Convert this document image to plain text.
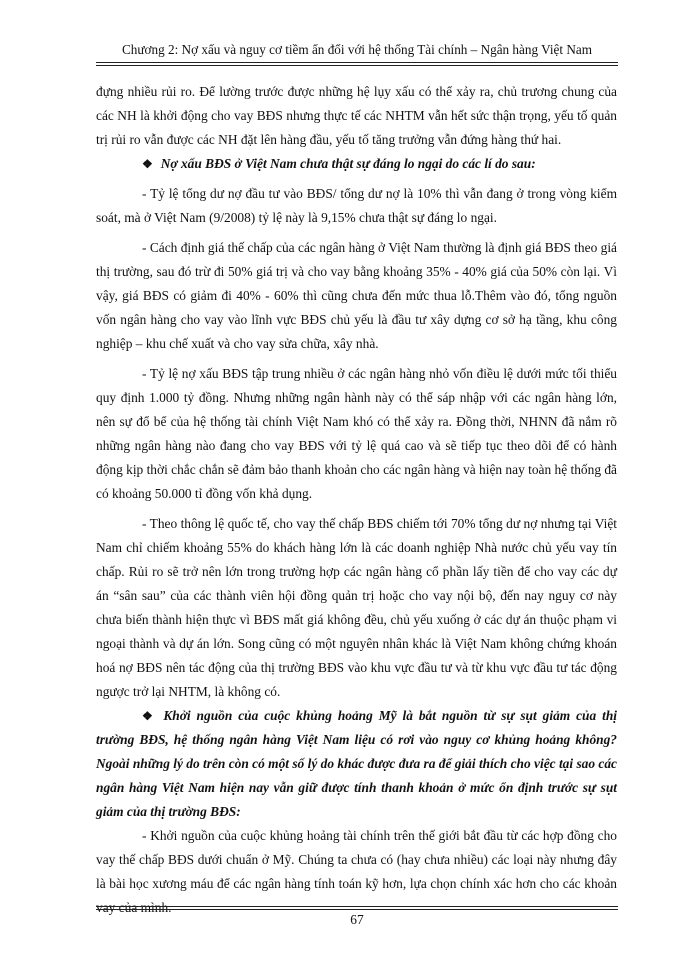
Chương 2: Nợ xấu và nguy cơ tiềm ẩn đối với hệ thống Tài chính – Ngân hàng Việt Nam

đựng nhiều rủi ro. Để lường trước được những hệ lụy xấu có thể xảy ra, chủ trương chung của các NH là khởi động cho vay BĐS nhưng thực tế các NHTM vẫn hết sức thận trọng, yếu tố quản trị rủi ro vẫn được các NH đặt lên hàng đầu, yếu tố tăng trưởng vẫn đứng hàng thứ hai.

❖ Nợ xấu BĐS ở Việt Nam chưa thật sự đáng lo ngại do các lí do sau:

- Tỷ lệ tổng dư nợ đầu tư vào BĐS/ tổng dư nợ là 10% thì vẫn đang ở trong vòng kiểm soát, mà ở Việt Nam (9/2008) tỷ lệ này là 9,15% chưa thật sự đáng lo ngại.

- Cách định giá thế chấp của các ngân hàng ở Việt Nam thường là định giá BĐS theo giá thị trường, sau đó trừ đi 50% giá trị và cho vay bằng khoảng 35% - 40% giá của 50% còn lại. Vì vậy, giá BĐS có giảm đi 40% - 60% thì cũng chưa đến mức thua lỗ.Thêm vào đó, tổng nguồn vốn ngân hàng cho vay vào lĩnh vực BĐS chủ yếu là đầu tư xây dựng cơ sở hạ tầng, khu công nghiệp – khu chế xuất và cho vay sửa chữa, xây nhà.

- Tỷ lệ nợ xấu BĐS tập trung nhiều ở các ngân hàng nhỏ vốn điều lệ dưới mức tối thiểu quy định 1.000 tỷ đồng. Nhưng những ngân hành này có thể sáp nhập với các ngân hàng lớn, nên sự đổ bể của hệ thống tài chính Việt Nam khó có thể xảy ra. Đồng thời, NHNN đã nắm rõ những ngân hàng nào đang cho vay BĐS với tỷ lệ quá cao và sẽ tiếp tục theo dõi để có hành động kịp thời chắc chắn sẽ đảm bảo thanh khoản cho các ngân hàng và hiện nay toàn hệ thống đã có khoảng 50.000 tỉ đồng vốn khả dụng.

- Theo thông lệ quốc tế, cho vay thế chấp BĐS chiếm tới 70% tổng dư nợ nhưng tại Việt Nam chỉ chiếm khoảng 55% do khách hàng lớn là các doanh nghiệp Nhà nước chủ yếu vay tín chấp. Rủi ro sẽ trở nên lớn trong trường hợp các ngân hàng cổ phần lấy tiền để cho vay các dự án “sân sau” của các thành viên hội đồng quản trị hoặc cho vay nội bộ, đến nay nguy cơ này chưa biến thành hiện thực vì BĐS mất giá không đều, chủ yếu xuống ở các dự án thuộc phạm vi ngoại thành và dự án lớn. Song cũng có một nguyên nhân khác là Việt Nam không chứng khoán hoá nợ BĐS nên tác động của thị trường BĐS vào khu vực đầu tư và từ khu vực đầu tư tác động ngược trở lại NHTM, là không có.

❖ Khởi nguồn của cuộc khủng hoảng Mỹ là bắt nguồn từ sự sụt giảm của thị trường BĐS, hệ thống ngân hàng Việt Nam liệu có rơi vào nguy cơ khủng hoảng không? Ngoài những lý do trên còn có một số lý do khác được đưa ra để giải thích cho việc tại sao các ngân hàng Việt Nam hiện nay vẫn giữ được tính thanh khoản ở mức ổn định trước sự sụt giảm của thị trường BĐS:

- Khởi nguồn của cuộc khủng hoảng tài chính trên thế giới bắt đầu từ các hợp đồng cho vay thế chấp BĐS dưới chuẩn ở Mỹ. Chúng ta chưa có (hay chưa nhiều) các loại này nhưng đây là bài học xương máu để các ngân hàng tính toán kỹ hơn, lựa chọn chính xác hơn cho các khoản vay của mình.

67
